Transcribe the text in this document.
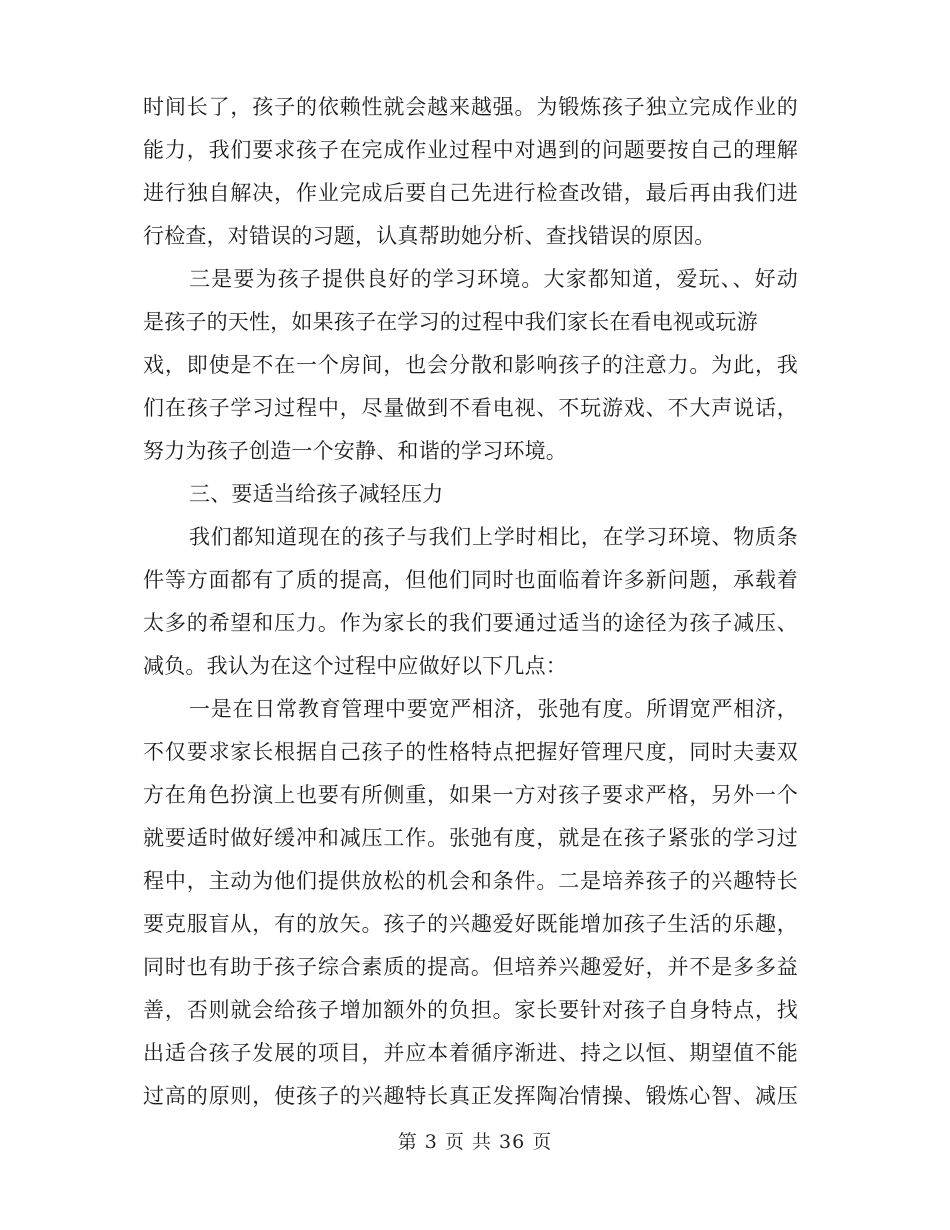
时间长了，孩子的依赖性就会越来越强。为锻炼孩子独立完成作业的
能力，我们要求孩子在完成作业过程中对遇到的问题要按自己的理解
进行独自解决，作业完成后要自己先进行检查改错，最后再由我们进
行检查，对错误的习题，认真帮助她分析、查找错误的原因。
三是要为孩子提供良好的学习环境。大家都知道，爱玩、、好动
是孩子的天性，如果孩子在学习的过程中我们家长在看电视或玩游
戏，即使是不在一个房间，也会分散和影响孩子的注意力。为此，我
们在孩子学习过程中，尽量做到不看电视、不玩游戏、不大声说话，
努力为孩子创造一个安静、和谐的学习环境。
三、要适当给孩子减轻压力
我们都知道现在的孩子与我们上学时相比，在学习环境、物质条
件等方面都有了质的提高，但他们同时也面临着许多新问题，承载着
太多的希望和压力。作为家长的我们要通过适当的途径为孩子减压、
减负。我认为在这个过程中应做好以下几点：
一是在日常教育管理中要宽严相济，张弛有度。所谓宽严相济，
不仅要求家长根据自己孩子的性格特点把握好管理尺度，同时夫妻双
方在角色扮演上也要有所侧重，如果一方对孩子要求严格，另外一个
就要适时做好缓冲和减压工作。张弛有度，就是在孩子紧张的学习过
程中，主动为他们提供放松的机会和条件。二是培养孩子的兴趣特长
要克服盲从，有的放矢。孩子的兴趣爱好既能增加孩子生活的乐趣，
同时也有助于孩子综合素质的提高。但培养兴趣爱好，并不是多多益
善，否则就会给孩子增加额外的负担。家长要针对孩子自身特点，找
出适合孩子发展的项目，并应本着循序渐进、持之以恒、期望值不能
过高的原则，使孩子的兴趣特长真正发挥陶冶情操、锻炼心智、减压
第 3 页 共 36 页
